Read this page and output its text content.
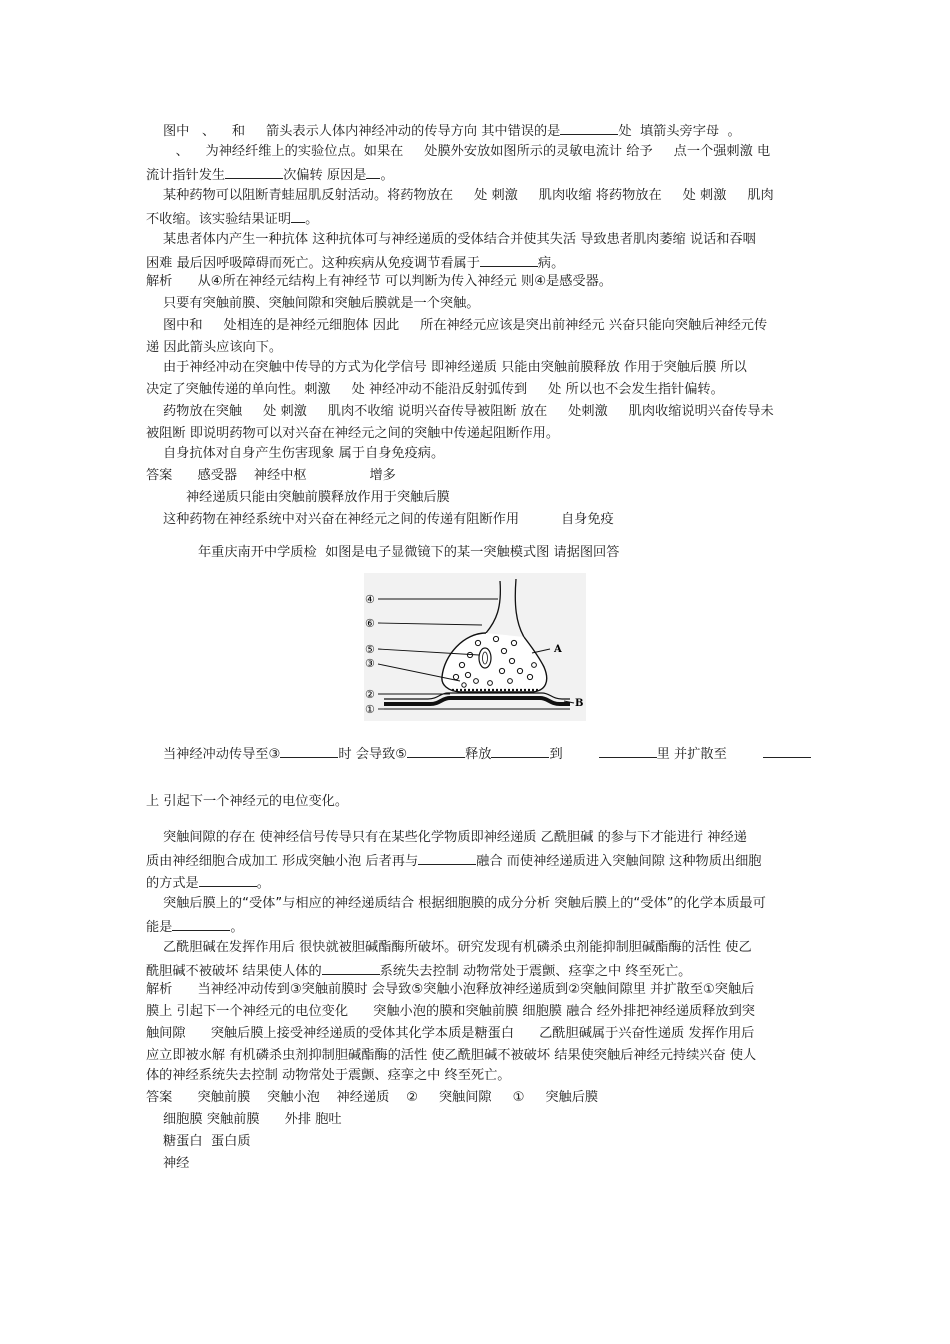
图中   、    和     箭头表示人体内神经冲动的传导方向 其中错误的是	处  填箭头旁字母  。
、    为神经纤维上的实验位点。如果在     处膜外安放如图所示的灵敏电流计 给予     点一个强刺激 电
流计指针发生	次偏转 原因是 。
某种药物可以阻断青蛙屈肌反射活动。将药物放在     处 刺激     肌肉收缩 将药物放在     处 刺激     肌肉
不收缩。该实验结果证明 。
某患者体内产生一种抗体 这种抗体可与神经递质的受体结合并使其失活 导致患者肌肉萎缩 说话和吞咽
困难 最后因呼吸障碍而死亡。这种疾病从免疫调节看属于	病。
解析      从④所在神经元结构上有神经节 可以判断为传入神经元 则④是感受器。
只要有突触前膜、突触间隙和突触后膜就是一个突触。
图中和     处相连的是神经元细胞体 因此     所在神经元应该是突出前神经元 兴奋只能向突触后神经元传
递 因此箭头应该向下。
由于神经冲动在突触中传导的方式为化学信号 即神经递质 只能由突触前膜释放 作用于突触后膜 所以
决定了突触传递的单向性。刺激     处 神经冲动不能沿反射弧传到     处 所以也不会发生指针偏转。
药物放在突触     处 刺激     肌肉不收缩 说明兴奋传导被阻断 放在     处刺激     肌肉收缩说明兴奋传导未
被阻断 即说明药物可以对兴奋在神经元之间的突触中传递起阻断作用。
自身抗体对自身产生伤害现象 属于自身免疫病。
答案      感受器    神经中枢               增多
神经递质只能由突触前膜释放作用于突触后膜
这种药物在神经系统中对兴奋在神经元之间的传递有阻断作用          自身免疫
年重庆南开中学质检  如图是电子显微镜下的某一突触模式图 请据图回答
④
⑥
⑤
③
②
①
A
B
当神经冲动传导至③	时 会导致⑤	释放	到	里 并扩散至
上 引起下一个神经元的电位变化。
突触间隙的存在 使神经信号传导只有在某些化学物质即神经递质 乙酰胆碱 的参与下才能进行 神经递
质由神经细胞合成加工 形成突触小泡 后者再与	融合 而使神经递质进入突触间隙 这种物质出细胞
的方式是	。
突触后膜上的“受体”与相应的神经递质结合 根据细胞膜的成分分析 突触后膜上的“受体”的化学本质最可
能是	。
乙酰胆碱在发挥作用后 很快就被胆碱酯酶所破坏。研究发现有机磷杀虫剂能抑制胆碱酯酶的活性 使乙
酰胆碱不被破坏 结果使人体的	系统失去控制 动物常处于震颤、痉挛之中 终至死亡。
解析      当神经冲动传到③突触前膜时 会导致⑤突触小泡释放神经递质到②突触间隙里 并扩散至①突触后
膜上 引起下一个神经元的电位变化      突触小泡的膜和突触前膜 细胞膜 融合 经外排把神经递质释放到突
触间隙      突触后膜上接受神经递质的受体其化学本质是糖蛋白      乙酰胆碱属于兴奋性递质 发挥作用后
应立即被水解 有机磷杀虫剂抑制胆碱酯酶的活性 使乙酰胆碱不被破坏 结果使突触后神经元持续兴奋 使人
体的神经系统失去控制 动物常处于震颤、痉挛之中 终至死亡。
答案      突触前膜    突触小泡    神经递质    ②     突触间隙     ①     突触后膜
细胞膜 突触前膜      外排 胞吐
糖蛋白  蛋白质
神经
